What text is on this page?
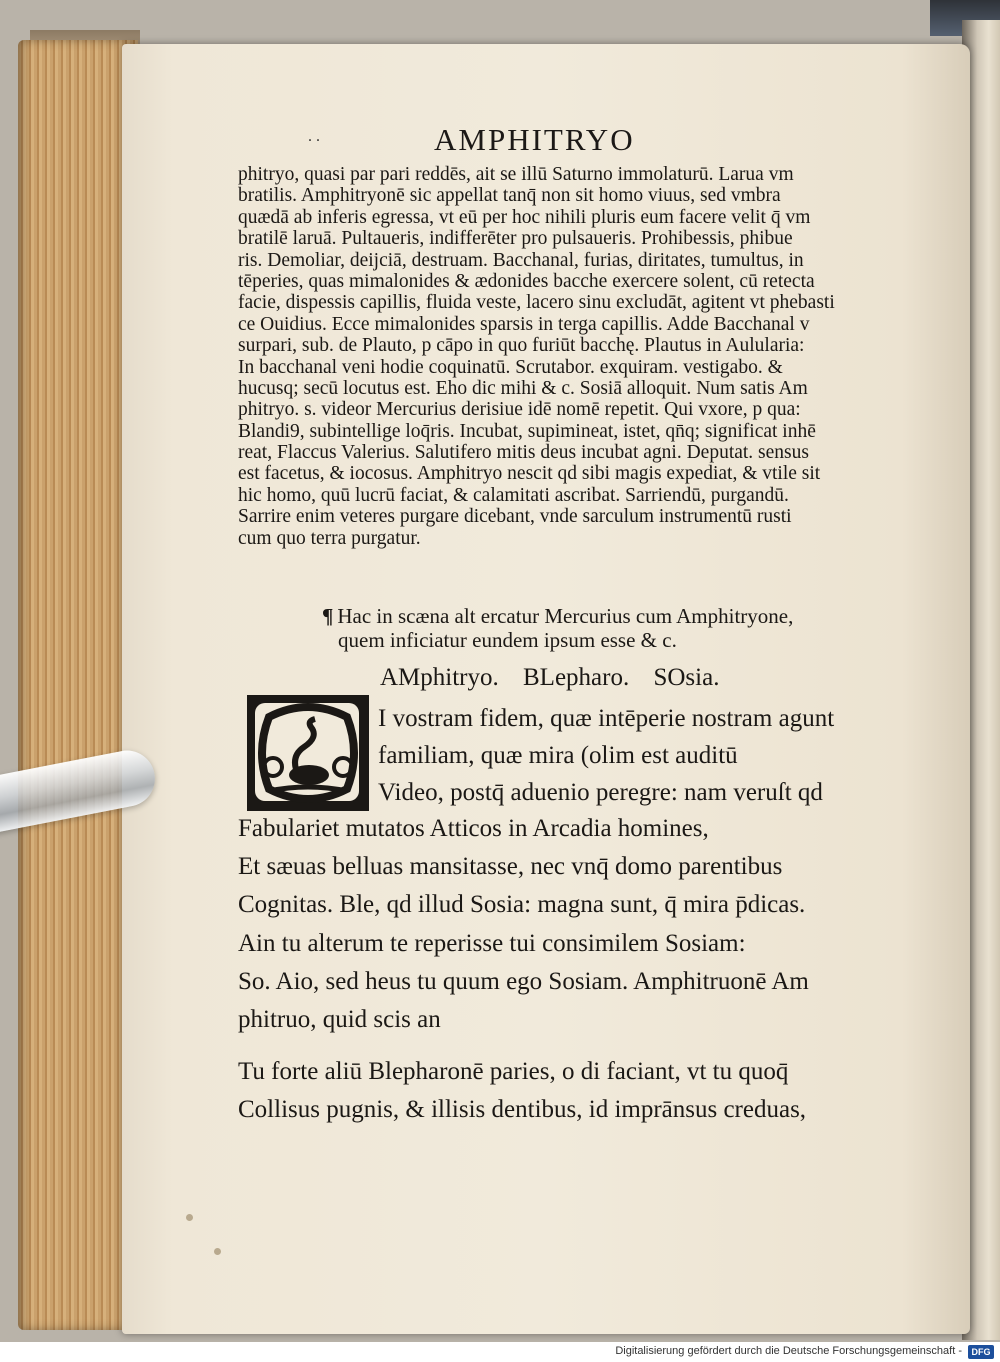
..	AMPHITRYO
phitryo, quasi par pari reddēs, ait se illū Saturno immolaturū. Larua vm
bratilis. Amphitryonē sic appellat tanq̄ non sit homo viuus, sed vmbra
quædā ab inferis egressa, vt eū per hoc nihili pluris eum facere velit q̄ vm
bratilē laruā. Pultaueris, indifferēter pro pulsaueris. Prohibessis, phibue
ris. Demoliar, deijciā, destruam. Bacchanal, furias, diritates, tumultus, in
tēperies, quas mimalonides & ædonides bacche exercere solent, cū retecta
facie, dispessis capillis, fluida veste, lacero sinu excludāt, agitent vt phebasti
ce Ouidius. Ecce mimalonides sparsis in terga capillis. Adde Bacchanal v
surpari, sub. de Plauto, p cāpo in quo furiūt bacchę. Plautus in Aulularia:
In bacchanal veni hodie coquinatū. Scrutabor. exquiram. vestigabo. &
hucusq; secū locutus est. Eho dic mihi & c. Sosiā alloquit. Num satis Am
phitryo. s. videor Mercurius derisiue idē nomē repetit. Qui vxore, p qua:
Blandi9, subintellige loq̄ris. Incubat, supimineat, istet, qn̄q; significat inhē
reat, Flaccus Valerius. Salutifero mitis deus incubat agni. Deputat. sensus
est facetus, & iocosus. Amphitryo nescit qd sibi magis expediat, & vtile sit
hic homo, quū lucrū faciat, & calamitati ascribat. Sarriendū, purgandū.
Sarrire enim veteres purgare dicebant, vnde sarculum instrumentū rusti
cum quo terra purgatur.
¶ Hac in scæna alt ercatur Mercurius cum Amphitryone,
quem inficiatur eundem ipsum esse & c.
AMphitryo. BLepharo. SOsia.
I vostram fidem, quæ intēperie nostram agunt
familiam, quæ mira (olim est auditū
Video, postq̄ aduenio peregre: nam veruſt qd
Fabulariet mutatos Atticos in Arcadia homines,
Et sæuas belluas mansitasse, nec vnq̄ domo parentibus
Cognitas. Ble, qd illud Sosia: magna sunt, q̄ mira p̄dicas.
Ain tu alterum te reperisse tui consimilem Sosiam:
So. Aio, sed heus tu quum ego Sosiam. Amphitruonē Am
phitruo, quid scis an
Tu forte aliū Blepharonē paries, o di faciant, vt tu quoq̄
Collisus pugnis, & illisis dentibus, id imprānsus creduas,

Digitalisierung gefördert durch die Deutsche Forschungsgemeinschaft -	DFG
